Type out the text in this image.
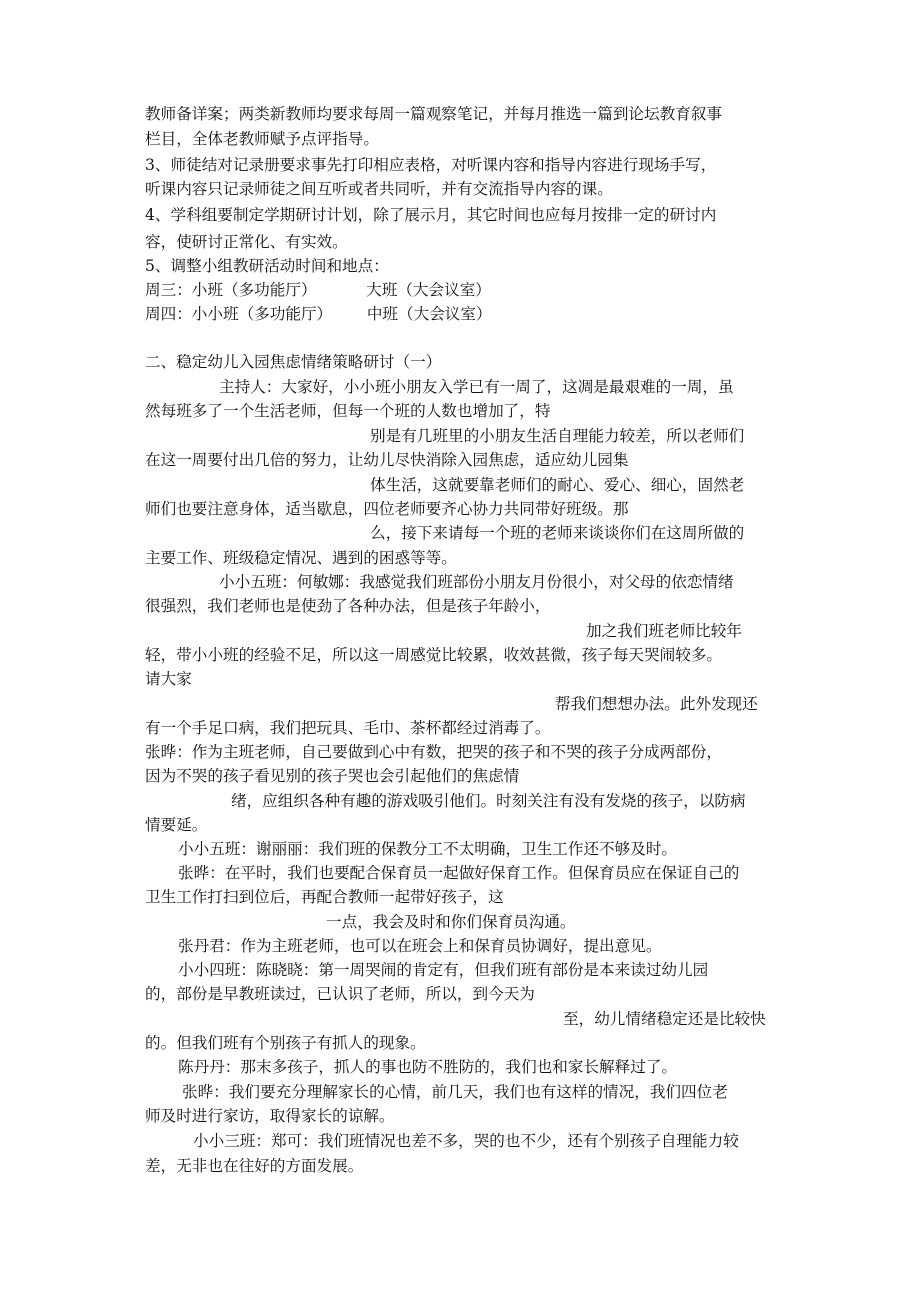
教师备详案；两类新教师均要求每周一篇观察笔记，并每月推选一篇到论坛教育叙事
栏目，全体老教师赋予点评指导。
3、师徒结对记录册要求事先打印相应表格，对听课内容和指导内容进行现场手写，
听课内容只记录师徒之间互听或者共同听，并有交流指导内容的课。
4、学科组要制定学期研讨计划，除了展示月，其它时间也应每月按排一定的研讨内
容，使研讨正常化、有实效。
5、调整小组教研活动时间和地点：
周三：小班（多功能厅）          大班（大会议室）
周四：小小班（多功能厅）       中班（大会议室）
二、稳定幼儿入园焦虑情绪策略研讨（一）
主持人：大家好，小小班小朋友入学已有一周了，这凋是最艰难的一周，虽
然每班多了一个生活老师，但每一个班的人数也增加了，特
别是有几班里的小朋友生活自理能力较差，所以老师们
在这一周要付出几倍的努力，让幼儿尽快消除入园焦虑，适应幼儿园集
体生活，这就要靠老师们的耐心、爱心、细心，固然老
师们也要注意身体，适当歇息，四位老师要齐心协力共同带好班级。那
么，接下来请每一个班的老师来谈谈你们在这周所做的
主要工作、班级稳定情况、遇到的困惑等等。
小小五班：何敏娜：我感觉我们班部份小朋友月份很小，对父母的依恋情绪
很强烈，我们老师也是使劲了各种办法，但是孩子年龄小，
加之我们班老师比较年
轻，带小小班的经验不足，所以这一周感觉比较累，收效甚微，孩子每天哭闹较多。
请大家
帮我们想想办法。此外发现还
有一个手足口病，我们把玩具、毛巾、茶杯都经过消毒了。
张晔：作为主班老师，自己要做到心中有数，把哭的孩子和不哭的孩子分成两部份，
因为不哭的孩子看见别的孩子哭也会引起他们的焦虑情
绪，应组织各种有趣的游戏吸引他们。时刻关注有没有发烧的孩子，以防病
情要延。
小小五班：谢丽丽：我们班的保教分工不太明确，卫生工作还不够及时。
张晔：在平时，我们也要配合保育员一起做好保育工作。但保育员应在保证自己的
卫生工作打扫到位后，再配合教师一起带好孩子，这
一点，我会及时和你们保育员沟通。
张丹君：作为主班老师，也可以在班会上和保育员协调好，提出意见。
小小四班：陈晓晓：第一周哭闹的肯定有，但我们班有部份是本来读过幼儿园
的，部份是早教班读过，已认识了老师，所以，到今天为
至，幼儿情绪稳定还是比较快
的。但我们班有个别孩子有抓人的现象。
陈丹丹：那末多孩子，抓人的事也防不胜防的，我们也和家长解释过了。
张晔：我们要充分理解家长的心情，前几天，我们也有这样的情况，我们四位老
师及时进行家访，取得家长的谅解。
小小三班：郑可：我们班情况也差不多，哭的也不少，还有个别孩子自理能力较
差，无非也在往好的方面发展。
